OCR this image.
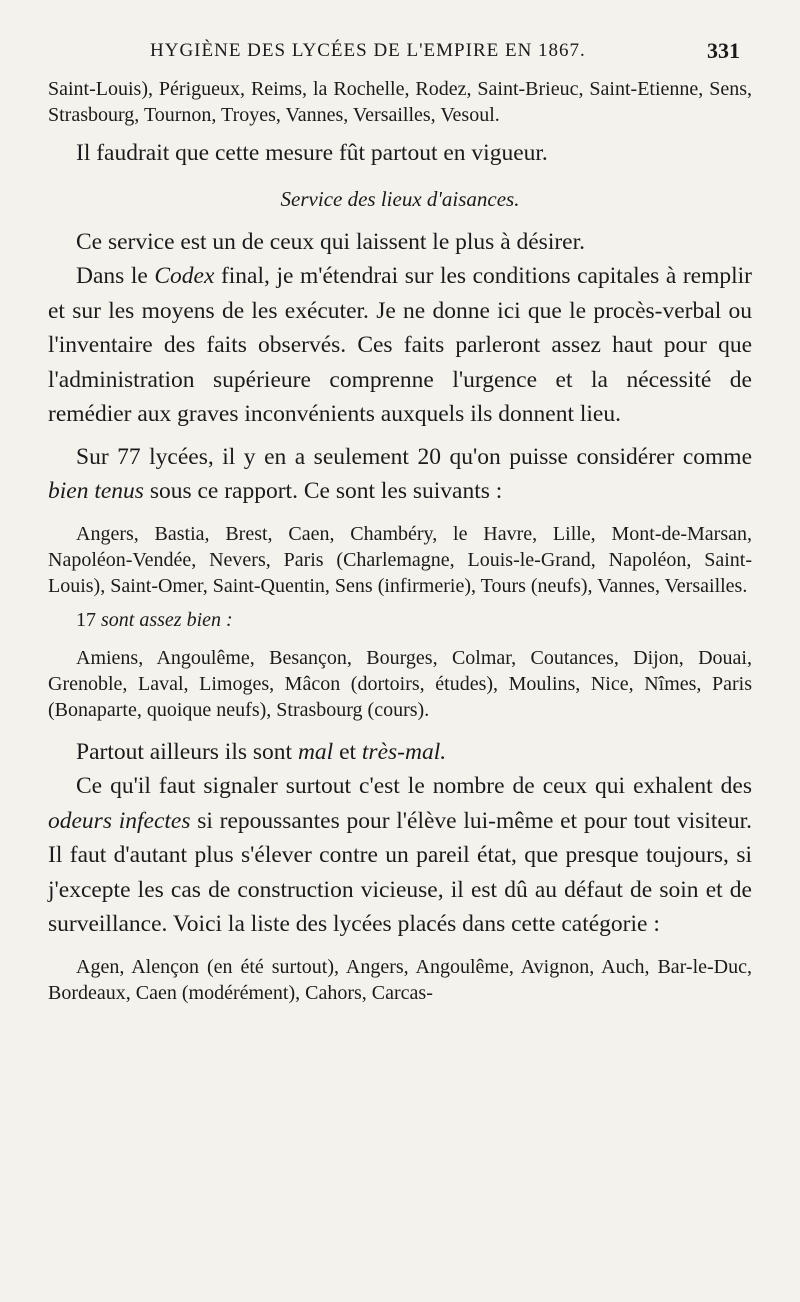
HYGIÈNE DES LYCÉES DE L'EMPIRE EN 1867.	331

Saint-Louis), Périgueux, Reims, la Rochelle, Rodez, Saint-Brieuc, Saint-Etienne, Sens, Strasbourg, Tournon, Troyes, Vannes, Versailles, Vesoul.

Il faudrait que cette mesure fût partout en vigueur.

Service des lieux d'aisances.

Ce service est un de ceux qui laissent le plus à désirer.

Dans le Codex final, je m'étendrai sur les conditions capitales à remplir et sur les moyens de les exécuter. Je ne donne ici que le procès-verbal ou l'inventaire des faits observés. Ces faits parleront assez haut pour que l'administration supérieure comprenne l'urgence et la nécessité de remédier aux graves inconvénients auxquels ils donnent lieu.

Sur 77 lycées, il y en a seulement 20 qu'on puisse considérer comme bien tenus sous ce rapport. Ce sont les suivants :

Angers, Bastia, Brest, Caen, Chambéry, le Havre, Lille, Mont-de-Marsan, Napoléon-Vendée, Nevers, Paris (Charlemagne, Louis-le-Grand, Napoléon, Saint-Louis), Saint-Omer, Saint-Quentin, Sens (infirmerie), Tours (neufs), Vannes, Versailles.

17 sont assez bien :

Amiens, Angoulême, Besançon, Bourges, Colmar, Coutances, Dijon, Douai, Grenoble, Laval, Limoges, Mâcon (dortoirs, études), Moulins, Nice, Nîmes, Paris (Bonaparte, quoique neufs), Strasbourg (cours).

Partout ailleurs ils sont mal et très-mal.

Ce qu'il faut signaler surtout c'est le nombre de ceux qui exhalent des odeurs infectes si repoussantes pour l'élève lui-même et pour tout visiteur. Il faut d'autant plus s'élever contre un pareil état, que presque toujours, si j'excepte les cas de construction vicieuse, il est dû au défaut de soin et de surveillance. Voici la liste des lycées placés dans cette catégorie :

Agen, Alençon (en été surtout), Angers, Angoulême, Avignon, Auch, Bar-le-Duc, Bordeaux, Caen (modérément), Cahors, Carcas-
